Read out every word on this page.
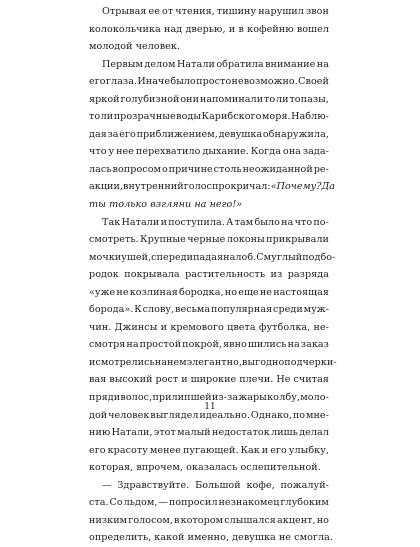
Отрывая ее от чтения, тишину нарушил звон
колокольчика над дверью, и в кофейню вошел
молодой человек.
Первым делом Натали обратила внимание на
его глаза. Иначе было просто невозможно. Своей
яркой голубизной они напоминали то ли топазы,
то ли прозрачные воды Карибского моря. Наблю-
дая за его приближением, девушка обнаружила,
что у нее перехватило дыхание. Когда она зада-
лась вопросом о причине столь неожиданной ре-
акции, внутренний голос прокричал: «Почему? Да
ты только взгляни на него!»
Так Натали и поступила. А там было на что по-
смотреть. Крупные черные локоны прикрывали
мочки ушей, спереди падая на лоб. Смуглый подбо-
родок покрывала растительность из разряда
«уже не козлиная бородка, но еще не настоящая
борода». К слову, весьма популярная среди муж-
чин. Джинсы и кремового цвета футболка, не-
смотря на простой покрой, явно шились на заказ
и смотрелись на нем элегантно, выгодно подчерки-
вая высокий рост и широкие плечи. Не считая
пряди волос, прилипшей из-за жары ко лбу, моло-
дой человек выглядел идеально. Однако, по мне-
нию Натали, этот малый недостаток лишь делал
его красоту менее пугающей. Как и его улыбку,
которая, впрочем, оказалась ослепительной.
— Здравствуйте. Большой кофе, пожалуй-
ста. Со льдом, — попросил незнакомец глубоким
низким голосом, в котором слышался акцент, но
определить, какой именно, девушка не смогла.
11
